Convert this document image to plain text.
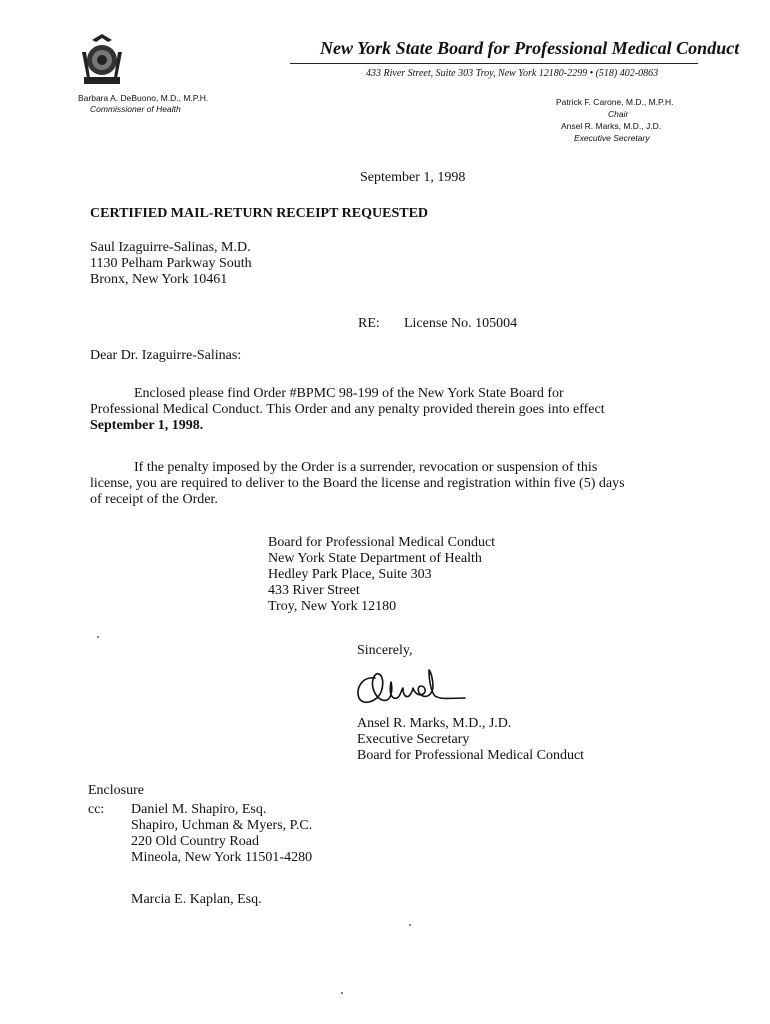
New York State Board for Professional Medical Conduct
433 River Street, Suite 303 Troy, New York 12180-2299 • (518) 402-0863
Barbara A. DeBuono, M.D., M.P.H.
Commissioner of Health
Patrick F. Carone, M.D., M.P.H.
Chair
Ansel R. Marks, M.D., J.D.
Executive Secretary
September 1, 1998
CERTIFIED MAIL-RETURN RECEIPT REQUESTED
Saul Izaguirre-Salinas, M.D.
1130 Pelham Parkway South
Bronx, New York 10461
RE: License No. 105004
Dear Dr. Izaguirre-Salinas:
Enclosed please find Order #BPMC 98-199 of the New York State Board for
Professional Medical Conduct. This Order and any penalty provided therein goes into effect
September 1, 1998.
If the penalty imposed by the Order is a surrender, revocation or suspension of this
license, you are required to deliver to the Board the license and registration within five (5) days
of receipt of the Order.
Board for Professional Medical Conduct
New York State Department of Health
Hedley Park Place, Suite 303
433 River Street
Troy, New York 12180
Sincerely,
Ansel R. Marks, M.D., J.D.
Executive Secretary
Board for Professional Medical Conduct
Enclosure
cc: Daniel M. Shapiro, Esq.
Shapiro, Uchman & Myers, P.C.
220 Old Country Road
Mineola, New York 11501-4280
Marcia E. Kaplan, Esq.
